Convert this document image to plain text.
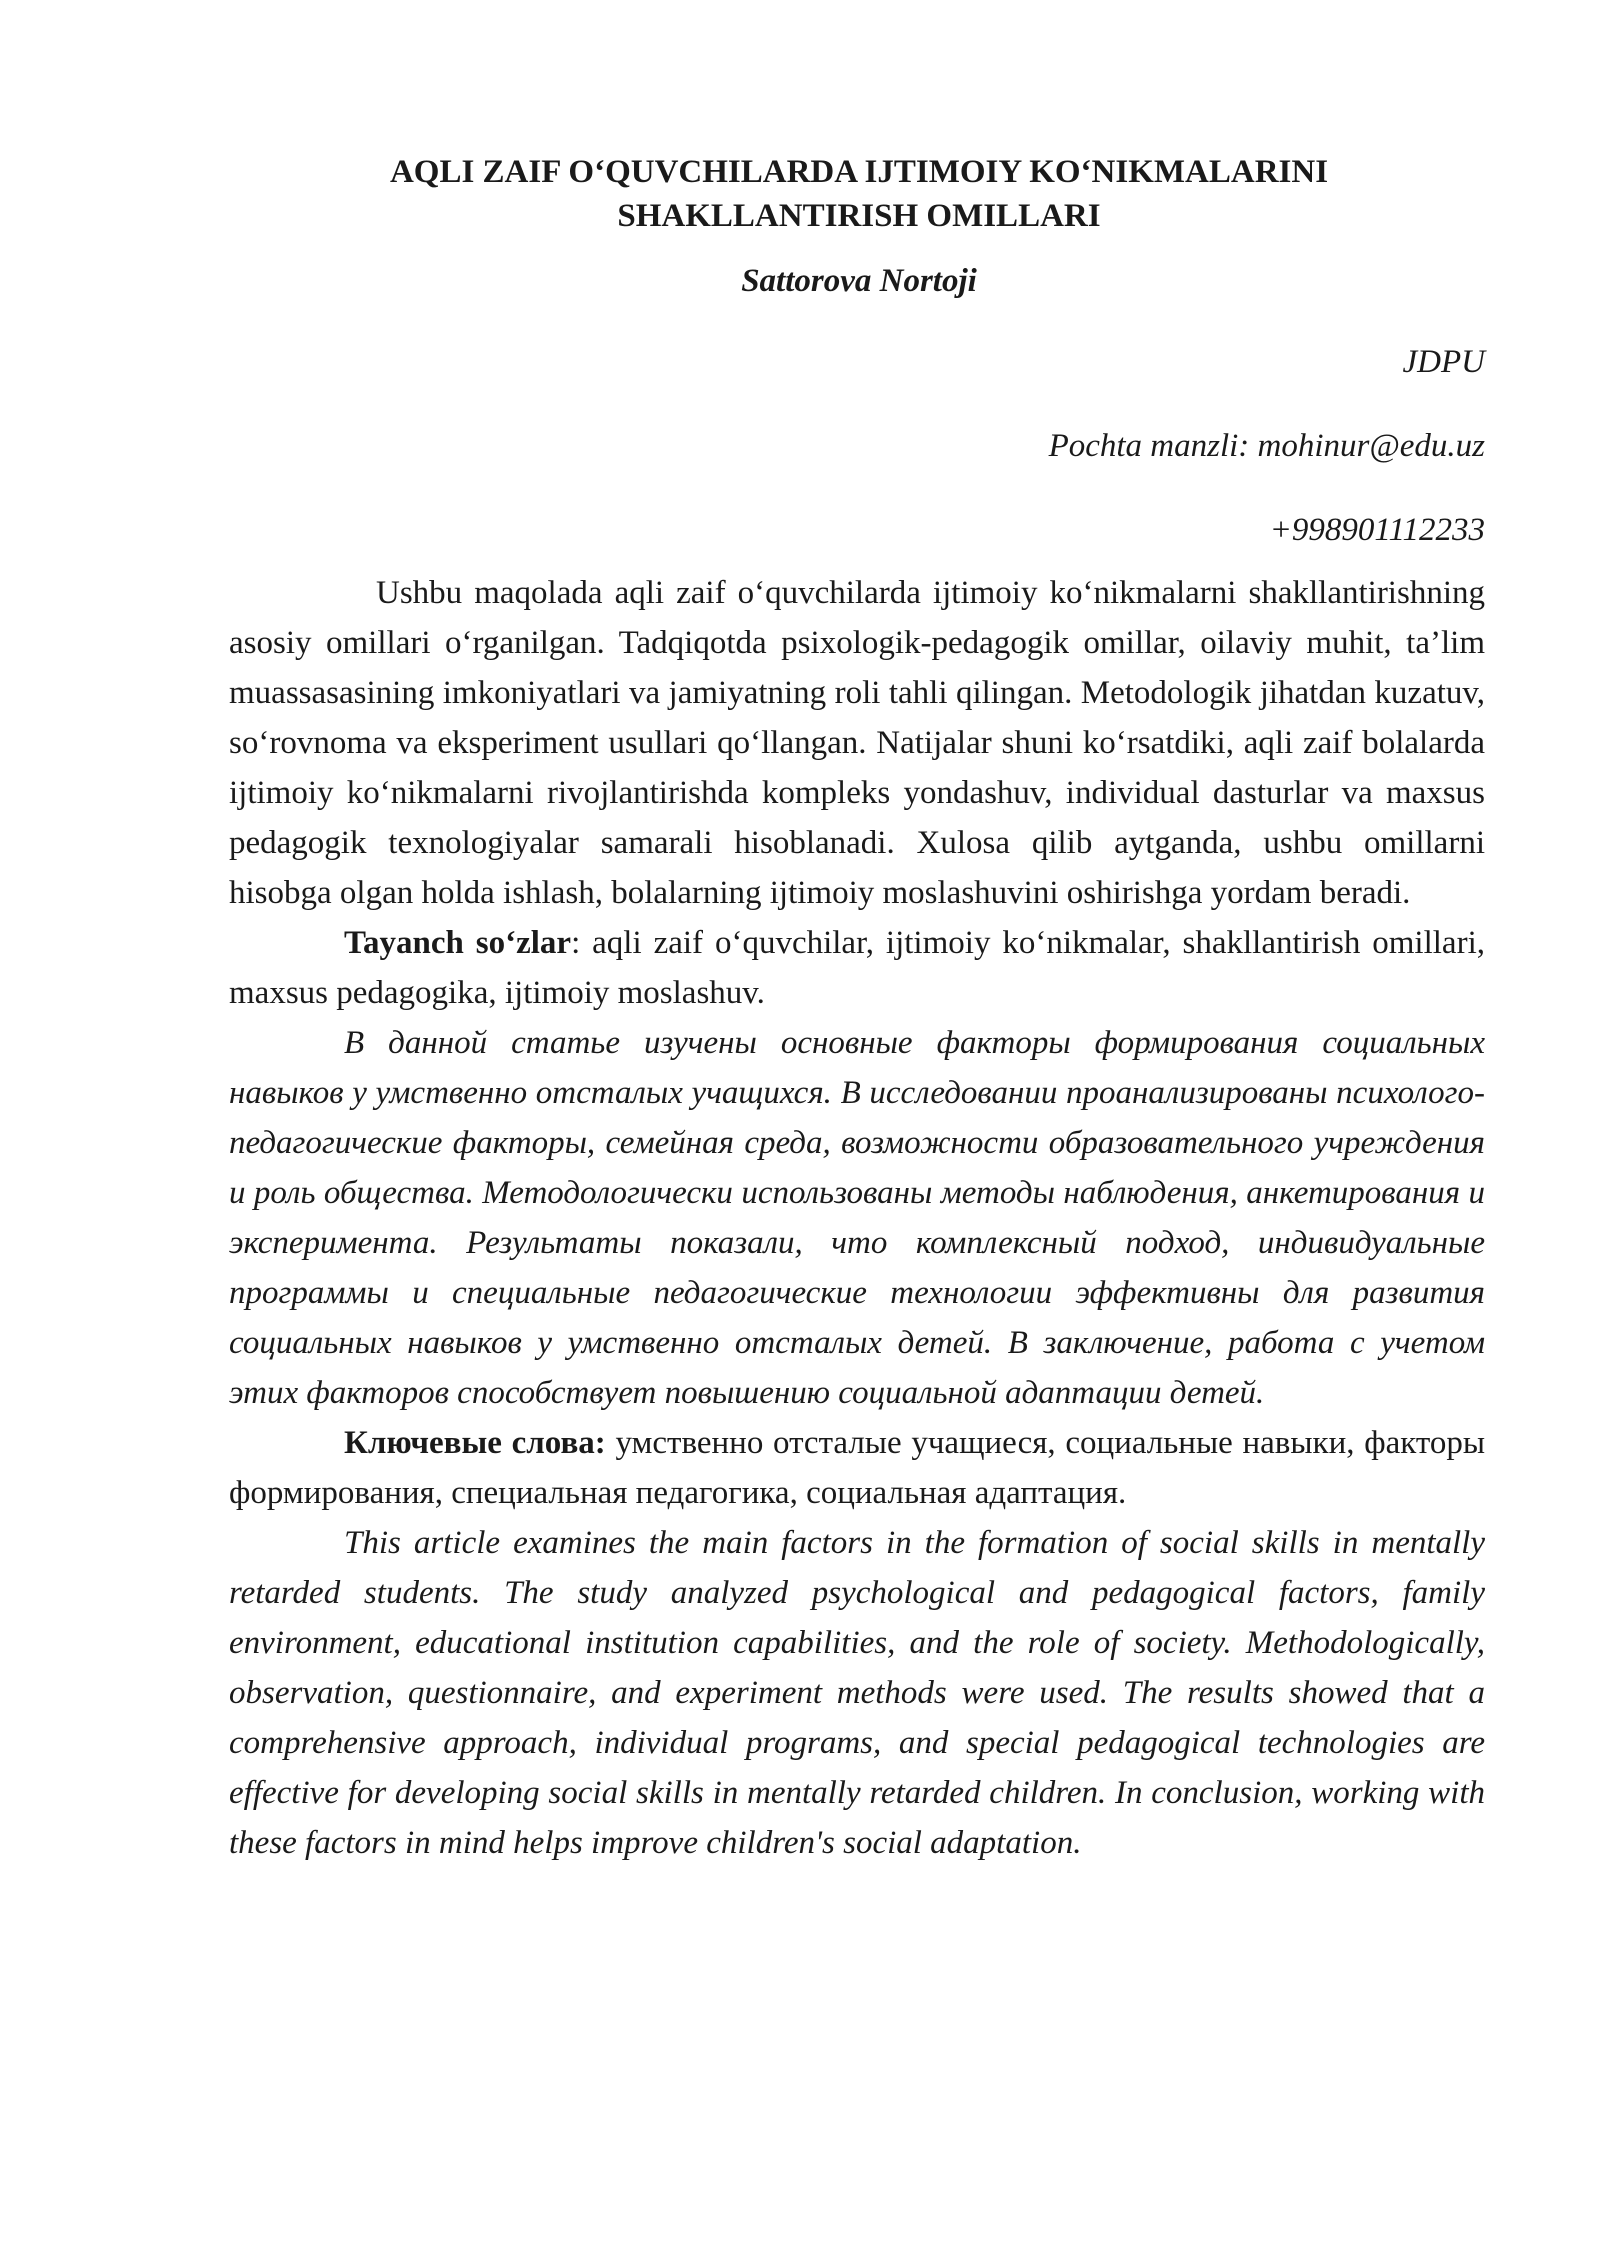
AQLI ZAIF O‘QUVCHILARDA IJTIMOIY KO‘NIKMALARINI
SHAKLLANTIRISH OMILLARI
Sattorova Nortoji
JDPU
Pochta manzli: mohinur@edu.uz
+998901112233

Ushbu maqolada aqli zaif o‘quvchilarda ijtimoiy ko‘nikmalarni shakllantirishning asosiy omillari o‘rganilgan. Tadqiqotda psixologik-pedagogik omillar, oilaviy muhit, ta’lim muassasasining imkoniyatlari va jamiyatning roli tahli qilingan. Metodologik jihatdan kuzatuv, so‘rovnoma va eksperiment usullari qo‘llangan. Natijalar shuni ko‘rsatdiki, aqli zaif bolalarda ijtimoiy ko‘nikmalarni rivojlantirishda kompleks yondashuv, individual dasturlar va maxsus pedagogik texnologiyalar samarali hisoblanadi. Xulosa qilib aytganda, ushbu omillarni hisobga olgan holda ishlash, bolalarning ijtimoiy moslashuvini oshirishga yordam beradi.

Tayanch so‘zlar: aqli zaif o‘quvchilar, ijtimoiy ko‘nikmalar, shakllantirish omillari, maxsus pedagogika, ijtimoiy moslashuv.

В данной статье изучены основные факторы формирования социальных навыков у умственно отсталых учащихся. В исследовании проанализированы психолого-педагогические факторы, семейная среда, возможности образовательного учреждения и роль общества. Методологически использованы методы наблюдения, анкетирования и эксперимента. Результаты показали, что комплексный подход, индивидуальные программы и специальные педагогические технологии эффективны для развития социальных навыков у умственно отсталых детей. В заключение, работа с учетом этих факторов способствует повышению социальной адаптации детей.

Ключевые слова: умственно отсталые учащиеся, социальные навыки, факторы формирования, специальная педагогика, социальная адаптация.

This article examines the main factors in the formation of social skills in mentally retarded students. The study analyzed psychological and pedagogical factors, family environment, educational institution capabilities, and the role of society. Methodologically, observation, questionnaire, and experiment methods were used. The results showed that a comprehensive approach, individual programs, and special pedagogical technologies are effective for developing social skills in mentally retarded children. In conclusion, working with these factors in mind helps improve children's social adaptation.
